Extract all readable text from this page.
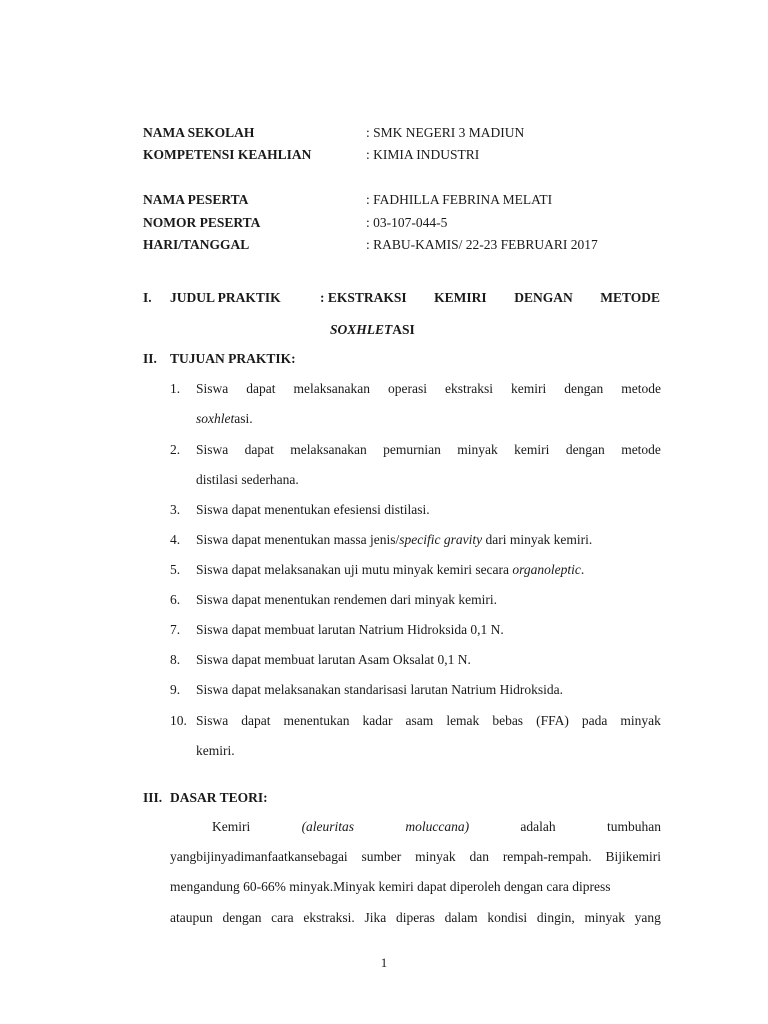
NAMA SEKOLAH	: SMK NEGERI 3 MADIUN
KOMPETENSI KEAHLIAN	: KIMIA INDUSTRI
NAMA PESERTA	: FADHILLA FEBRINA MELATI
NOMOR PESERTA	: 03-107-044-5
HARI/TANGGAL	: RABU-KAMIS/ 22-23 FEBRUARI 2017
I. JUDUL PRAKTIK	: EKSTRAKSI KEMIRI DENGAN METODE
SOXHLETASI
II. TUJUAN PRAKTIK:
1. Siswa dapat melaksanakan operasi ekstraksi kemiri dengan metode
soxhletasi.
2. Siswa dapat melaksanakan pemurnian minyak kemiri dengan metode
distilasi sederhana.
3. Siswa dapat menentukan efesiensi distilasi.
4. Siswa dapat menentukan massa jenis/specific gravity dari minyak kemiri.
5. Siswa dapat melaksanakan uji mutu minyak kemiri secara organoleptic.
6. Siswa dapat menentukan rendemen dari minyak kemiri.
7. Siswa dapat membuat larutan Natrium Hidroksida 0,1 N.
8. Siswa dapat membuat larutan Asam Oksalat 0,1 N.
9. Siswa dapat melaksanakan standarisasi larutan Natrium Hidroksida.
10. Siswa dapat menentukan kadar asam lemak bebas (FFA) pada minyak
kemiri.
III. DASAR TEORI:
Kemiri	(aleuritas	moluccana)	adalah	tumbuhan
yangbijinyadimanfaatkansebagai sumber minyak dan rempah-rempah. Bijikemiri
mengandung 60-66% minyak.Minyak kemiri dapat diperoleh dengan cara dipress
ataupun dengan cara ekstraksi. Jika diperas dalam kondisi dingin, minyak yang
1
